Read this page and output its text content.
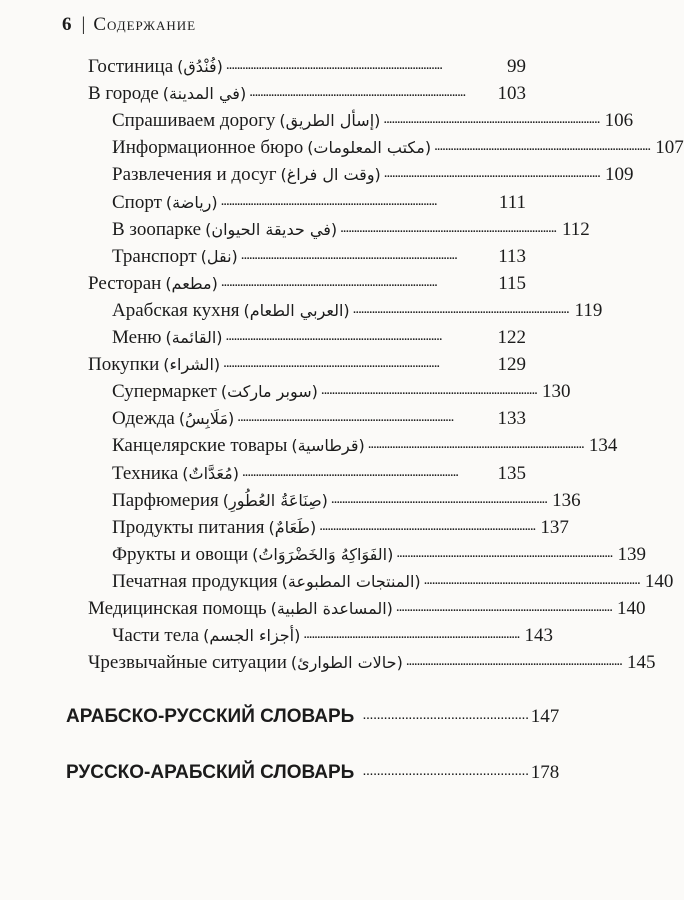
6 | Содержание
Гостиница (فُنْدُق) . . .	99
В городе (في المدينة) . . .	103
Спрашиваем дорогу (إسأل الطريق) . . .	106
Информационное бюро (مكتب المعلومات) . . .	107
Развлечения и досуг (وقت ال فراغ) . . .	109
Спорт (رياضة) . . .	111
В зоопарке (في حديقة الحيوان) . . .	112
Транспорт (نقل) . . .	113
Ресторан (مطعم) . . .	115
Арабская кухня (العربي الطعام) . . .	119
Меню (القائمة) . . .	122
Покупки (الشراء) . . .	129
Супермаркет (سوبر ماركت) . . .	130
Одежда (مَلَابِسُ) . . .	133
Канцелярские товары (قرطاسية) . . .	134
Техника (مُعَدَّاتٌ) . . .	135
Парфюмерия (صِنَاعَةُ العُطُورِ) . . .	136
Продукты питания (طَعَامٌ) . . .	137
Фрукты и овощи (الفَوَاكِهُ وَالخَضْرَوَاتُ) . . .	139
Печатная продукция (المنتجات المطبوعة) . . .	140
Медицинская помощь (المساعدة الطبية) . . .	140
Части тела (أجزاء الجسم) . . .	143
Чрезвычайные ситуации (حالات الطوارئ) . . .	145
АРАБСКО-РУССКИЙ СЛОВАРЬ . . . . . . . . . . . . . . . . . . . . . . . . . . . . . . . . . . . . . . . . . . . . . . . 147
РУССКО-АРАБСКИЙ СЛОВАРЬ . . . . . . . . . . . . . . . . . . . . . . . . . . . . . . . . . . . . . . . . . . . . . . . 178
